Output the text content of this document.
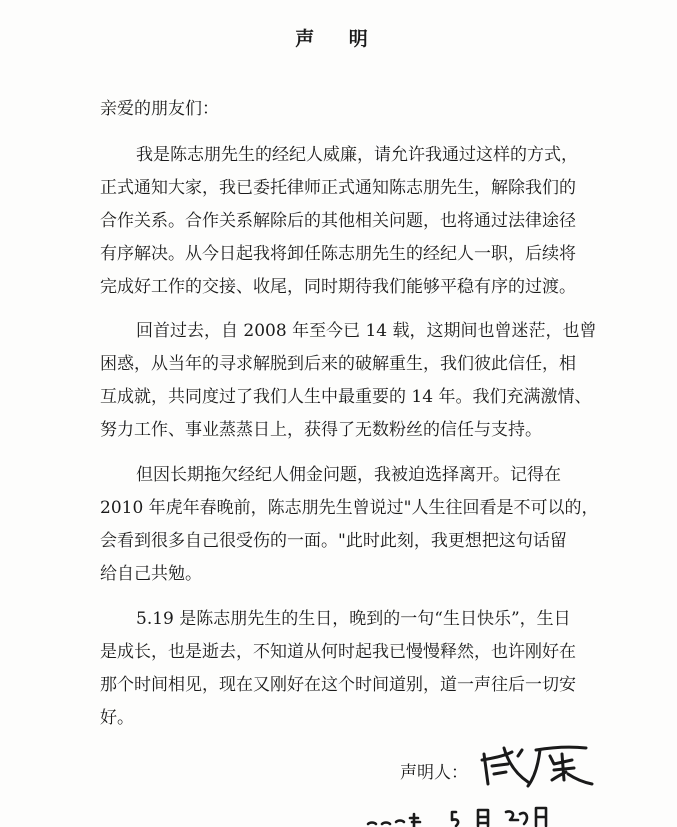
声 明
亲爱的朋友们：
我是陈志朋先生的经纪人威廉，请允许我通过这样的方式，
正式通知大家，我已委托律师正式通知陈志朋先生，解除我们的
合作关系。合作关系解除后的其他相关问题，也将通过法律途径
有序解决。从今日起我将卸任陈志朋先生的经纪人一职，后续将
完成好工作的交接、收尾，同时期待我们能够平稳有序的过渡。
回首过去，自 2008 年至今已 14 载，这期间也曾迷茫，也曾
困惑，从当年的寻求解脱到后来的破解重生，我们彼此信任，相
互成就，共同度过了我们人生中最重要的 14 年。我们充满激情、
努力工作、事业蒸蒸日上，获得了无数粉丝的信任与支持。
但因长期拖欠经纪人佣金问题，我被迫选择离开。记得在
2010 年虎年春晚前，陈志朋先生曾说过"人生往回看是不可以的，
会看到很多自己很受伤的一面。"此时此刻，我更想把这句话留
给自己共勉。
5.19 是陈志朋先生的生日，晚到的一句“生日快乐”，生日
是成长，也是逝去，不知道从何时起我已慢慢释然，也许刚好在
那个时间相见，现在又刚好在这个时间道别，道一声往后一切安
好。
声明人：
